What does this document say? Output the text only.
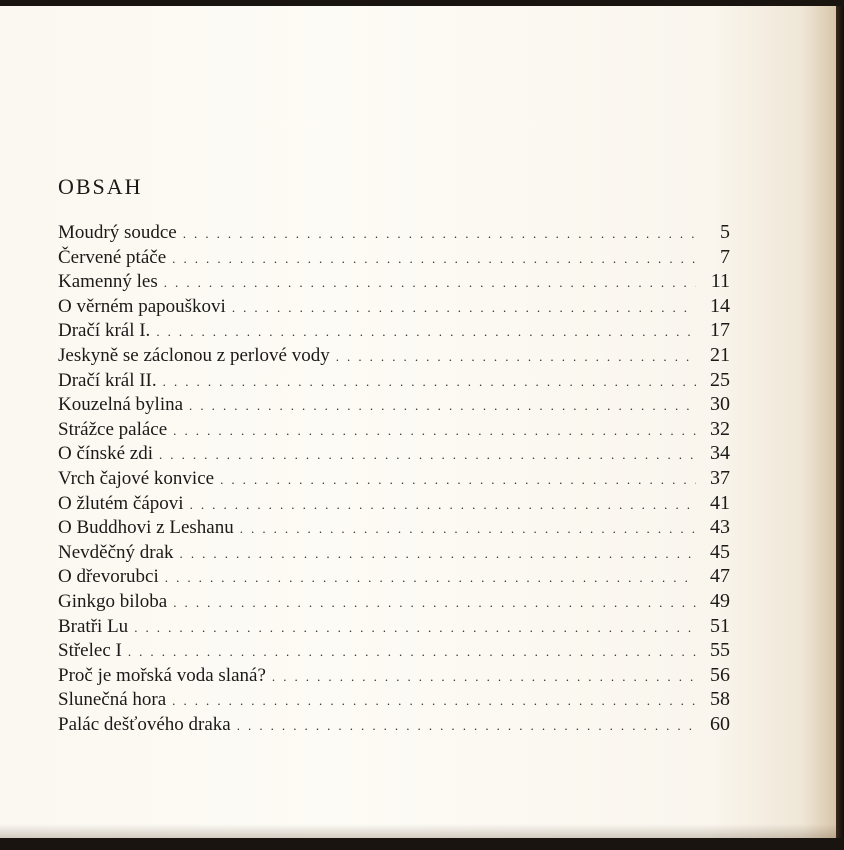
OBSAH
Moudrý soudce . . .	5
Červené ptáče . . .	7
Kamenný les . . .	11
O věrném papouškovi . . .	14
Dračí král I. . . .	17
Jeskyně se záclonou z perlové vody . . .	21
Dračí král II. . . .	25
Kouzelná bylina . . .	30
Strážce paláce . . .	32
O čínské zdi . . .	34
Vrch čajové konvice . . .	37
O žlutém čápovi . . .	41
O Buddhovi z Leshanu . . .	43
Nevděčný drak . . .	45
O dřevorubci . . .	47
Ginkgo biloba . . .	49
Bratři Lu . . .	51
Střelec I . . .	55
Proč je mořská voda slaná? . . .	56
Slunečná hora . . .	58
Palác dešťového draka . . .	60
